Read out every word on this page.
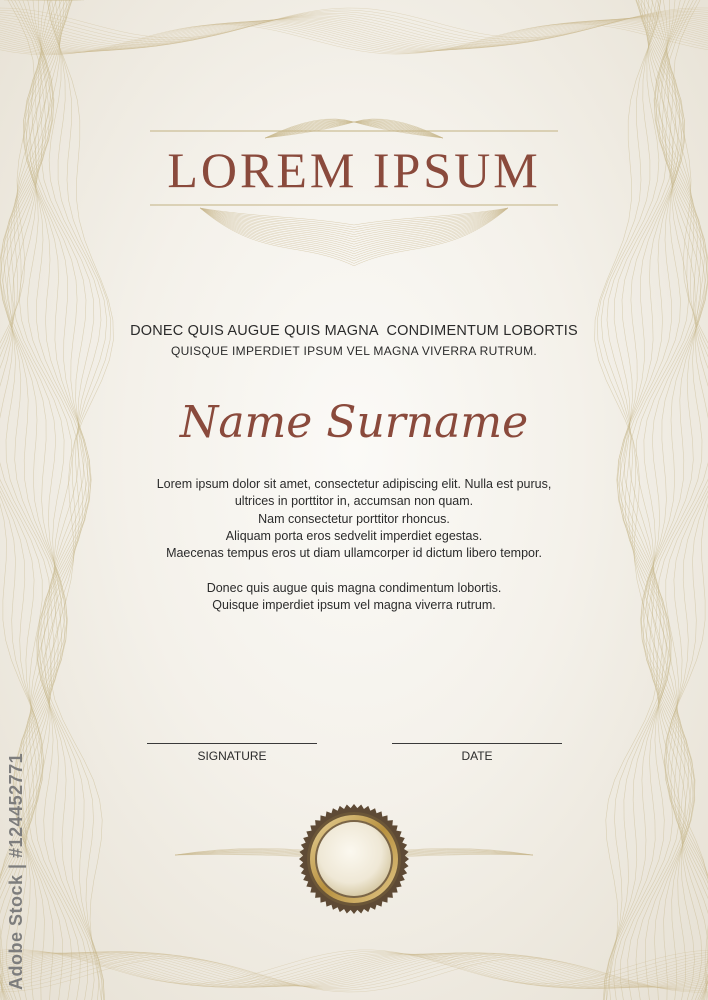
LOREM IPSUM
DONEC QUIS AUGUE QUIS MAGNA  CONDIMENTUM LOBORTIS
QUISQUE IMPERDIET IPSUM VEL MAGNA VIVERRA RUTRUM.
Name Surname
Lorem ipsum dolor sit amet, consectetur adipiscing elit. Nulla est purus,
ultrices in porttitor in, accumsan non quam.
Nam consectetur porttitor rhoncus.
Aliquam porta eros sedvelit imperdiet egestas.
Maecenas tempus eros ut diam ullamcorper id dictum libero tempor.
Donec quis augue quis magna condimentum lobortis.
Quisque imperdiet ipsum vel magna viverra rutrum.
SIGNATURE	DATE
Adobe Stock | #124452771
